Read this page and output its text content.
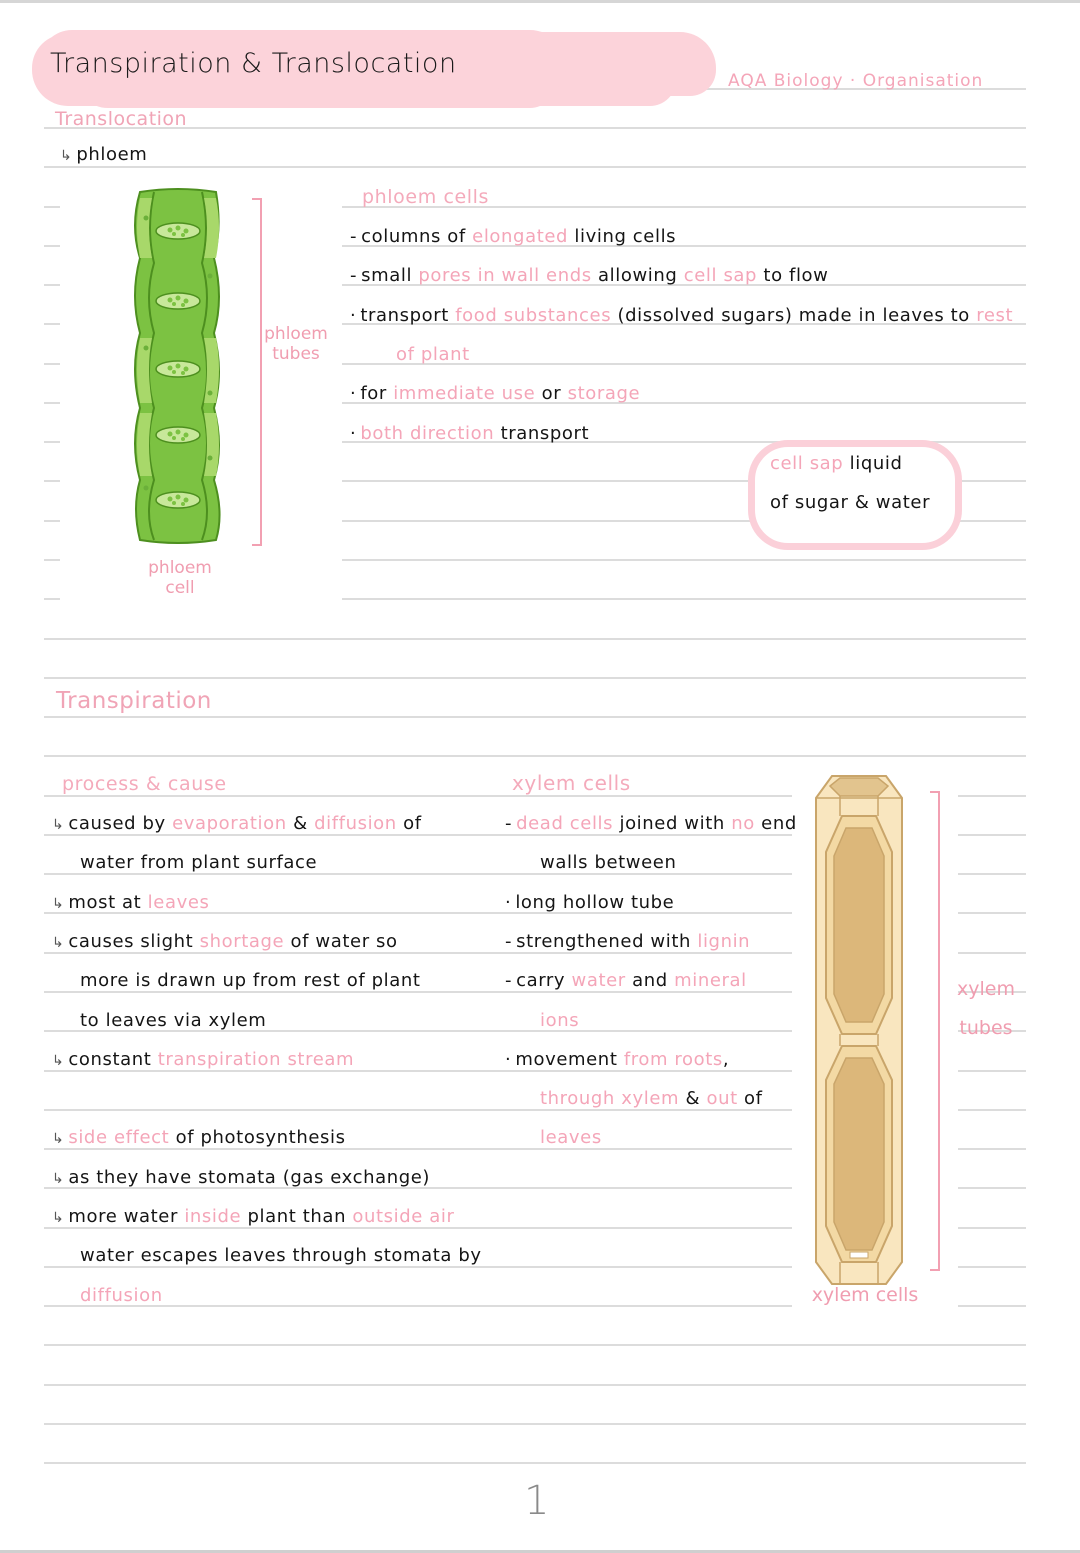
Transpiration & Translocation
AQA Biology · Organisation
Translocation
↳ phloem
phloem
tubes
phloem
cell
phloem cells
- columns of elongated living cells
- small pores in wall ends allowing cell sap to flow
· transport food substances (dissolved sugars) made in leaves to rest
of plant
· for immediate use or storage
· both direction transport
cell sap liquid
of sugar & water
Transpiration
process & cause
↳ caused by evaporation & diffusion of
water from plant surface
↳ most at leaves
↳ causes slight shortage of water so
more is drawn up from rest of plant
to leaves via xylem
↳ constant transpiration stream
↳ side effect of photosynthesis
↳ as they have stomata (gas exchange)
↳ more water inside plant than outside air
water escapes leaves through stomata by
diffusion
xylem cells
- dead cells joined with no end
walls between
· long hollow tube
- strengthened with lignin
- carry water and mineral
ions
· movement from roots,
through xylem & out of
leaves
xylem
tubes
xylem cells
1
